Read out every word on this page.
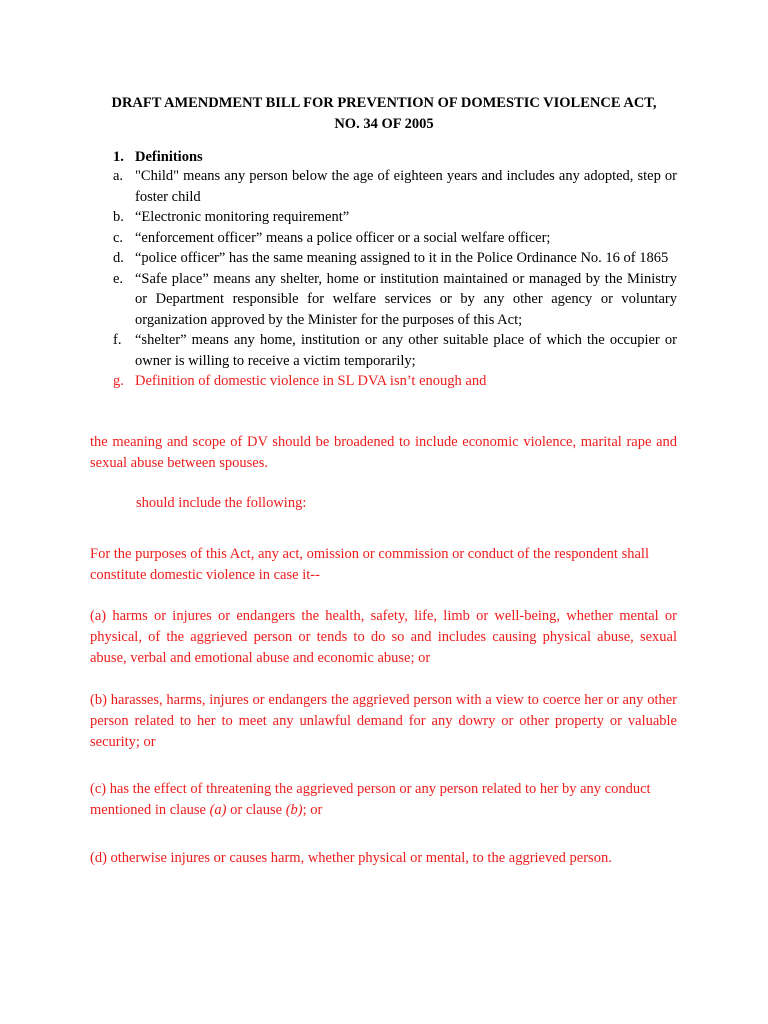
DRAFT AMENDMENT BILL FOR PREVENTION OF DOMESTIC VIOLENCE ACT,
NO. 34 OF 2005
1. Definitions
a. "Child" means any person below the age of eighteen years and includes any adopted, step or foster child
b. “Electronic monitoring requirement”
c. “enforcement officer” means a police officer or a social welfare officer;
d. “police officer” has the same meaning assigned to it in the Police Ordinance No. 16 of 1865
e. “Safe place” means any shelter, home or institution maintained or managed by the Ministry or Department responsible for welfare services or by any other agency or voluntary organization approved by the Minister for the purposes of this Act;
f. “shelter” means any home, institution or any other suitable place of which the occupier or owner is willing to receive a victim temporarily;
g. Definition of domestic violence in SL DVA isn’t enough and
the meaning and scope of DV should be broadened to include economic violence, marital rape and sexual abuse between spouses.
should include the following:
For the purposes of this Act, any act, omission or commission or conduct of the respondent shall constitute domestic violence in case it--
(a) harms or injures or endangers the health, safety, life, limb or well-being, whether mental or physical, of the aggrieved person or tends to do so and includes causing physical abuse, sexual abuse, verbal and emotional abuse and economic abuse; or
(b) harasses, harms, injures or endangers the aggrieved person with a view to coerce her or any other person related to her to meet any unlawful demand for any dowry or other property or valuable security; or
(c) has the effect of threatening the aggrieved person or any person related to her by any conduct mentioned in clause (a) or clause (b); or
(d) otherwise injures or causes harm, whether physical or mental, to the aggrieved person.
